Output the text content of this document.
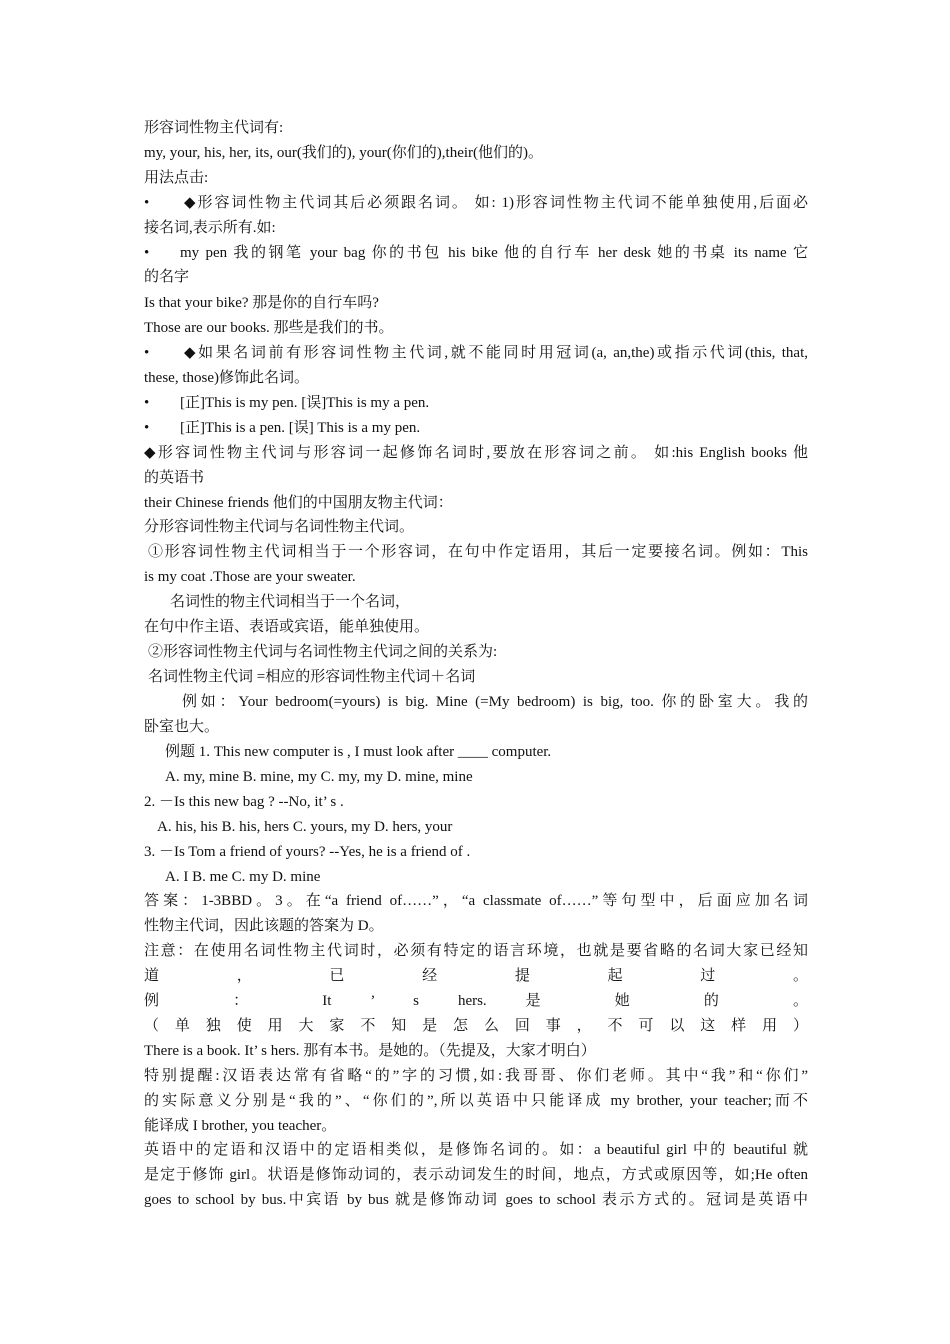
形容词性物主代词有:
my, your, his, her, its, our(我们的), your(你们的),their(他们的)。
用法点击:
•	◆形容词性物主代词其后必须跟名词。 如: 1)形容词性物主代词不能单独使用,后面必
接名词,表示所有.如:
•	my pen 我的钢笔 your bag 你的书包 his bike 他的自行车 her desk 她的书桌 its name 它
的名字
Is that your bike? 那是你的自行车吗?
Those are our books. 那些是我们的书。
•	◆如果名词前有形容词性物主代词,就不能同时用冠词(a, an,the)或指示代词(this, that,
these, those)修饰此名词。
•	[正]This is my pen. [误]This is my a pen.
•	[正]This is a pen. [误] This is a my pen.
◆形容词性物主代词与形容词一起修饰名词时,要放在形容词之前。 如:his English books 他
的英语书
their Chinese friends 他们的中国朋友物主代词：
分形容词性物主代词与名词性物主代词。
①形容词性物主代词相当于一个形容词，在句中作定语用，其后一定要接名词。例如：This
is my coat .Those are your sweater.
名词性的物主代词相当于一个名词，
在句中作主语、表语或宾语，能单独使用。
②形容词性物主代词与名词性物主代词之间的关系为:
名词性物主代词 =相应的形容词性物主代词＋名词
例如：Your bedroom(=yours) is big. Mine (=My bedroom) is big, too. 你的卧室大。我的
卧室也大。
例题 1. This new computer is , I must look after ____ computer.
A. my, mine B. mine, my C. my, my D. mine, mine
2. －Is this new bag ? --No, it’ s .
A. his, his B. his, hers C. yours, my D. hers, your
3. －Is Tom a friend of yours? --Yes, he is a friend of .
A. I B. me C. my D. mine
答案：1-3BBD。3。在“a friend of……”，“a classmate of……”等句型中，后面应加名词
性物主代词，因此该题的答案为 D。
注意：在使用名词性物主代词时，必须有特定的语言环境，也就是要省略的名词大家已经知
道 ， 已 经 提 起 过 。
例 ： It ’ s hers. 是 她 的 。
（ 单 独 使 用 大 家 不 知 是 怎 么 回 事 ， 不 可 以 这 样 用 ）
There is a book. It’ s hers. 那有本书。是她的。（先提及，大家才明白）
特别提醒:汉语表达常有省略“的”字的习惯,如:我哥哥、你们老师。其中“我”和“你们”
的实际意义分别是“我的”、“你们的”,所以英语中只能译成 my brother, your teacher;而不
能译成 I brother, you teacher。
英语中的定语和汉语中的定语相类似，是修饰名词的。如：a beautiful girl 中的 beautiful 就
是定于修饰 girl。状语是修饰动词的，表示动词发生的时间，地点，方式或原因等，如;He often
goes to school by bus.中宾语 by bus 就是修饰动词 goes to school 表示方式的。冠词是英语中
